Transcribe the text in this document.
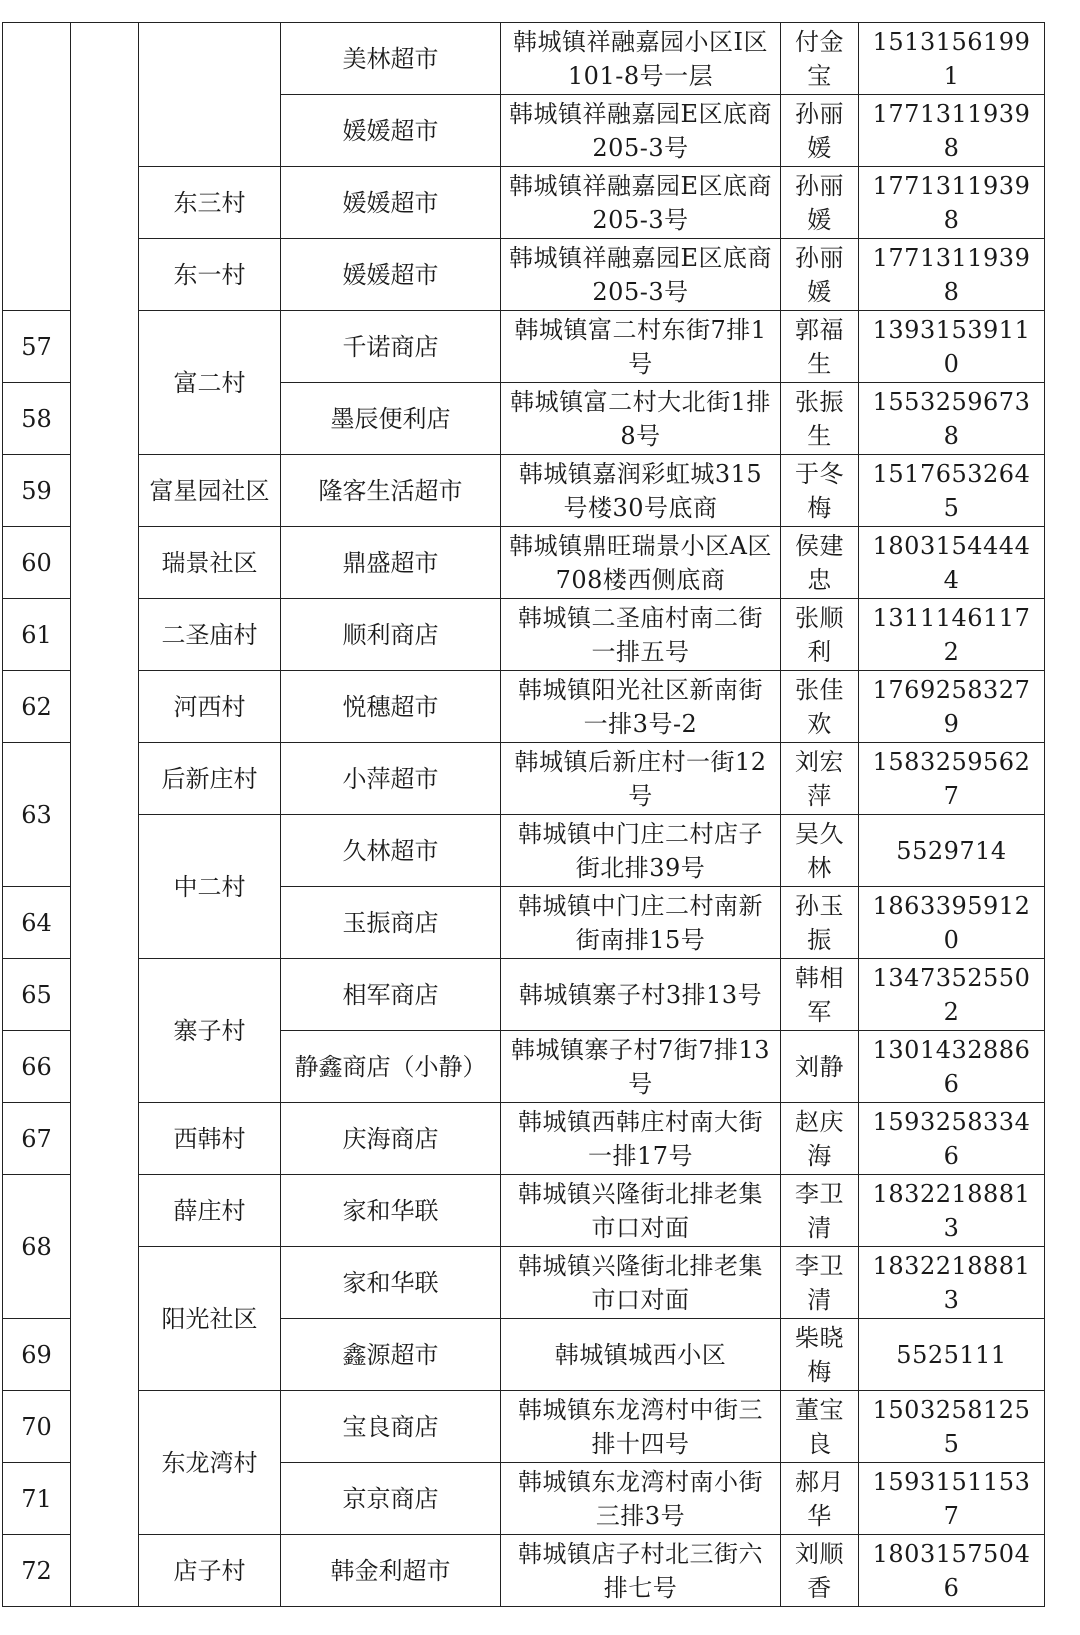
			美林超市	韩城镇祥融嘉园小区Ⅰ区101-8号一层	付金宝	15131561991
			媛媛超市	韩城镇祥融嘉园E区底商205-3号	孙丽媛	17713119398
		东三村	媛媛超市	韩城镇祥融嘉园E区底商205-3号	孙丽媛	17713119398
		东一村	媛媛超市	韩城镇祥融嘉园E区底商205-3号	孙丽媛	17713119398
57		富二村	千诺商店	韩城镇富二村东街7排1号	郭福生	13931539110
58			墨辰便利店	韩城镇富二村大北街1排8号	张振生	15532596738
59		富星园社区	隆客生活超市	韩城镇嘉润彩虹城315号楼30号底商	于冬梅	15176532645
60		瑞景社区	鼎盛超市	韩城镇鼎旺瑞景小区A区708楼西侧底商	侯建忠	18031544444
61		二圣庙村	顺利商店	韩城镇二圣庙村南二街一排五号	张顺利	13111461172
62		河西村	悦穗超市	韩城镇阳光社区新南街一排3号-2	张佳欢	17692583279
63		后新庄村	小萍超市	韩城镇后新庄村一街12号	刘宏萍	15832595627
		中二村	久林超市	韩城镇中门庄二村店子街北排39号	吴久林	5529714
64			玉振商店	韩城镇中门庄二村南新街南排15号	孙玉振	18633959120
65		寨子村	相军商店	韩城镇寨子村3排13号	韩相军	13473525502
66			静鑫商店（小静）	韩城镇寨子村7街7排13号	刘静	13014328866
67		西韩村	庆海商店	韩城镇西韩庄村南大街一排17号	赵庆海	15932583346
68		薛庄村	家和华联	韩城镇兴隆街北排老集市口对面	李卫清	18322188813
		阳光社区	家和华联	韩城镇兴隆街北排老集市口对面	李卫清	18322188813
69			鑫源超市	韩城镇城西小区	柴晓梅	5525111
70		东龙湾村	宝良商店	韩城镇东龙湾村中街三排十四号	董宝良	15032581255
71			京京商店	韩城镇东龙湾村南小街三排3号	郝月华	15931511537
72		店子村	韩金利超市	韩城镇店子村北三街六排七号	刘顺香	18031575046
